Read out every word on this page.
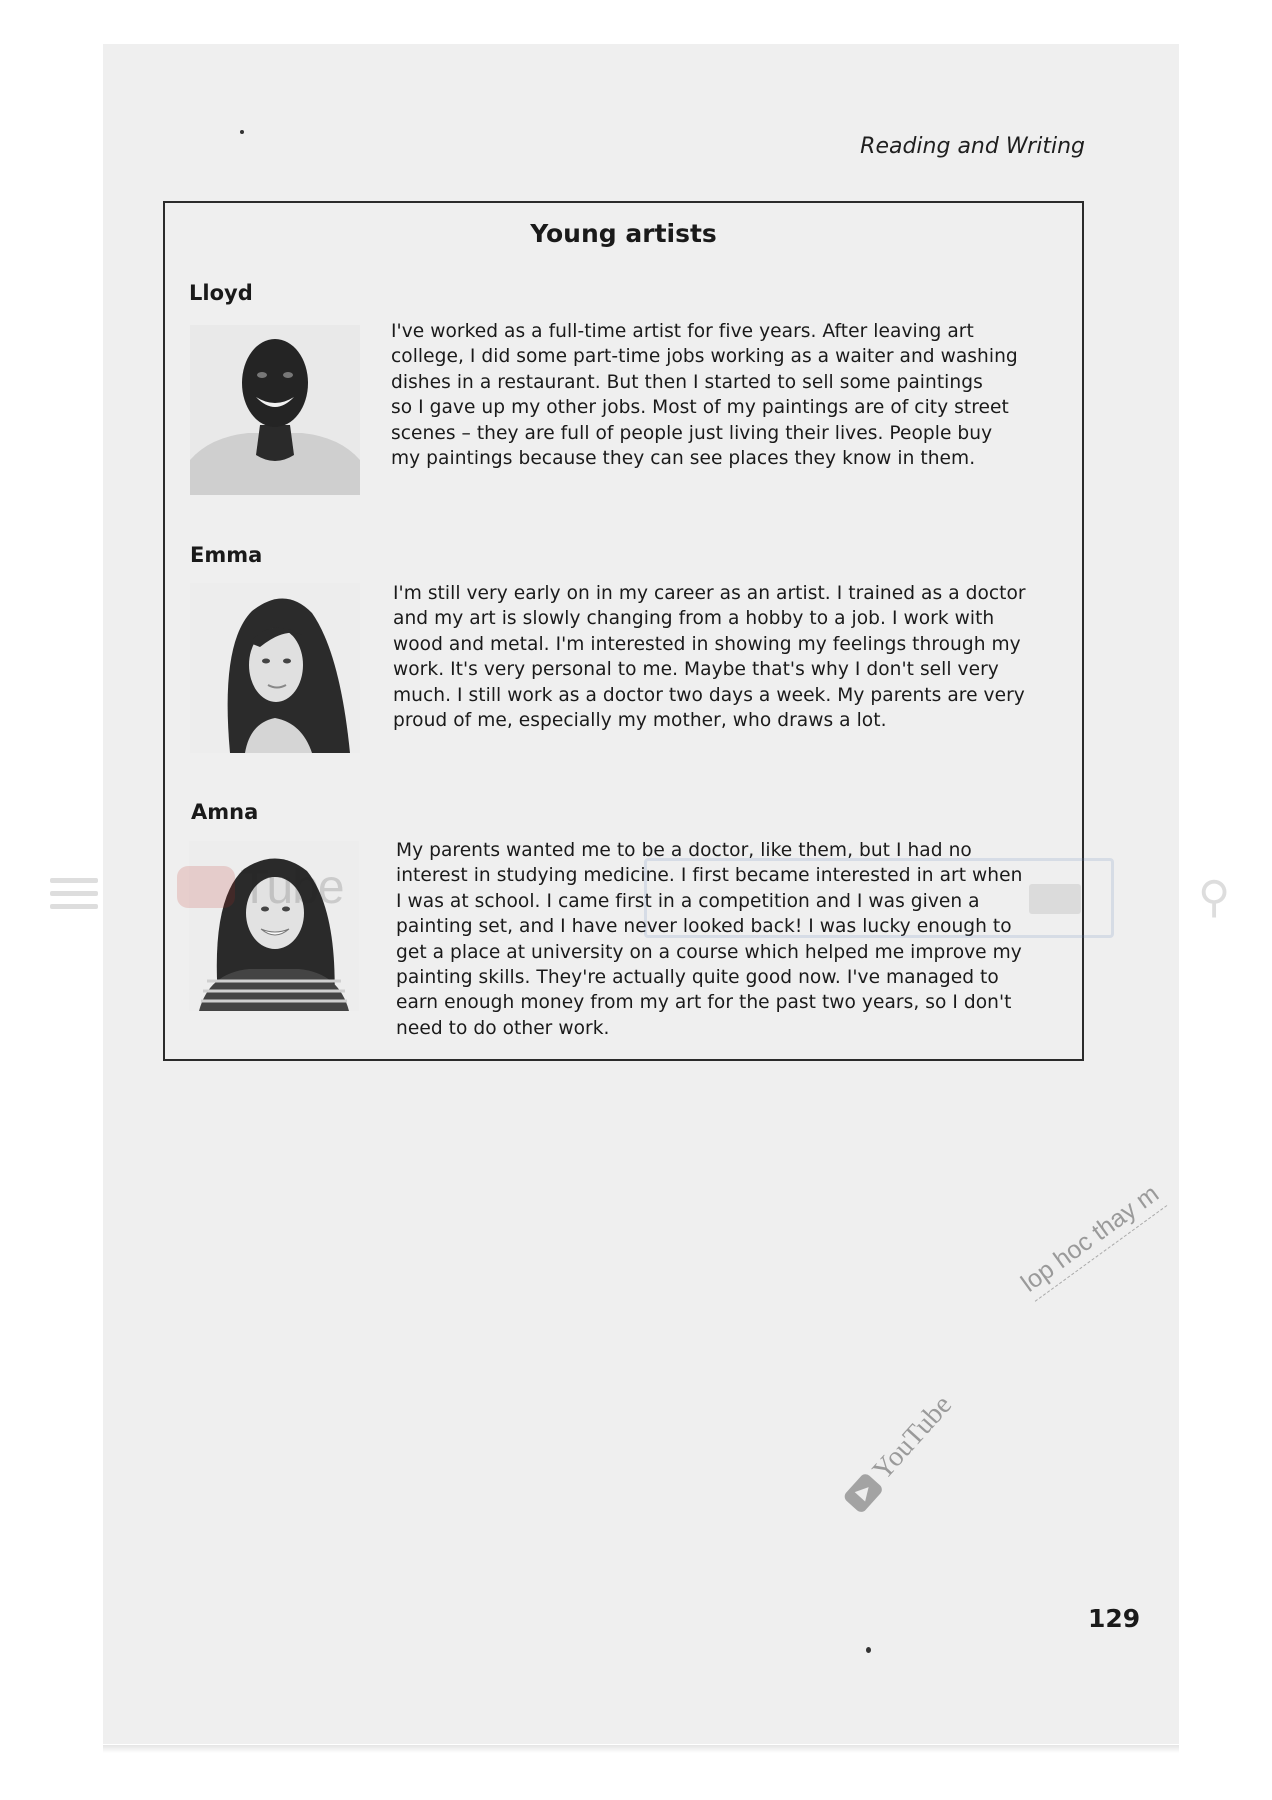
Reading and Writing
Young artists
Lloyd
I've worked as a full-time artist for five years. After leaving art
college, I did some part-time jobs working as a waiter and washing
dishes in a restaurant. But then I started to sell some paintings
so I gave up my other jobs. Most of my paintings are of city street
scenes – they are full of people just living their lives. People buy
my paintings because they can see places they know in them.
Emma
I'm still very early on in my career as an artist. I trained as a doctor
and my art is slowly changing from a hobby to a job. I work with
wood and metal. I'm interested in showing my feelings through my
work. It's very personal to me. Maybe that's why I don't sell very
much. I still work as a doctor two days a week. My parents are very
proud of me, especially my mother, who draws a lot.
Amna
My parents wanted me to be a doctor, like them, but I had no
interest in studying medicine. I first became interested in art when
I was at school. I came first in a competition and I was given a
painting set, and I have never looked back! I was lucky enough to
get a place at university on a course which helped me improve my
painting skills. They're actually quite good now. I've managed to
earn enough money from my art for the past two years, so I don't
need to do other work.
⚲
lop hoc thay m
YouTube
129
